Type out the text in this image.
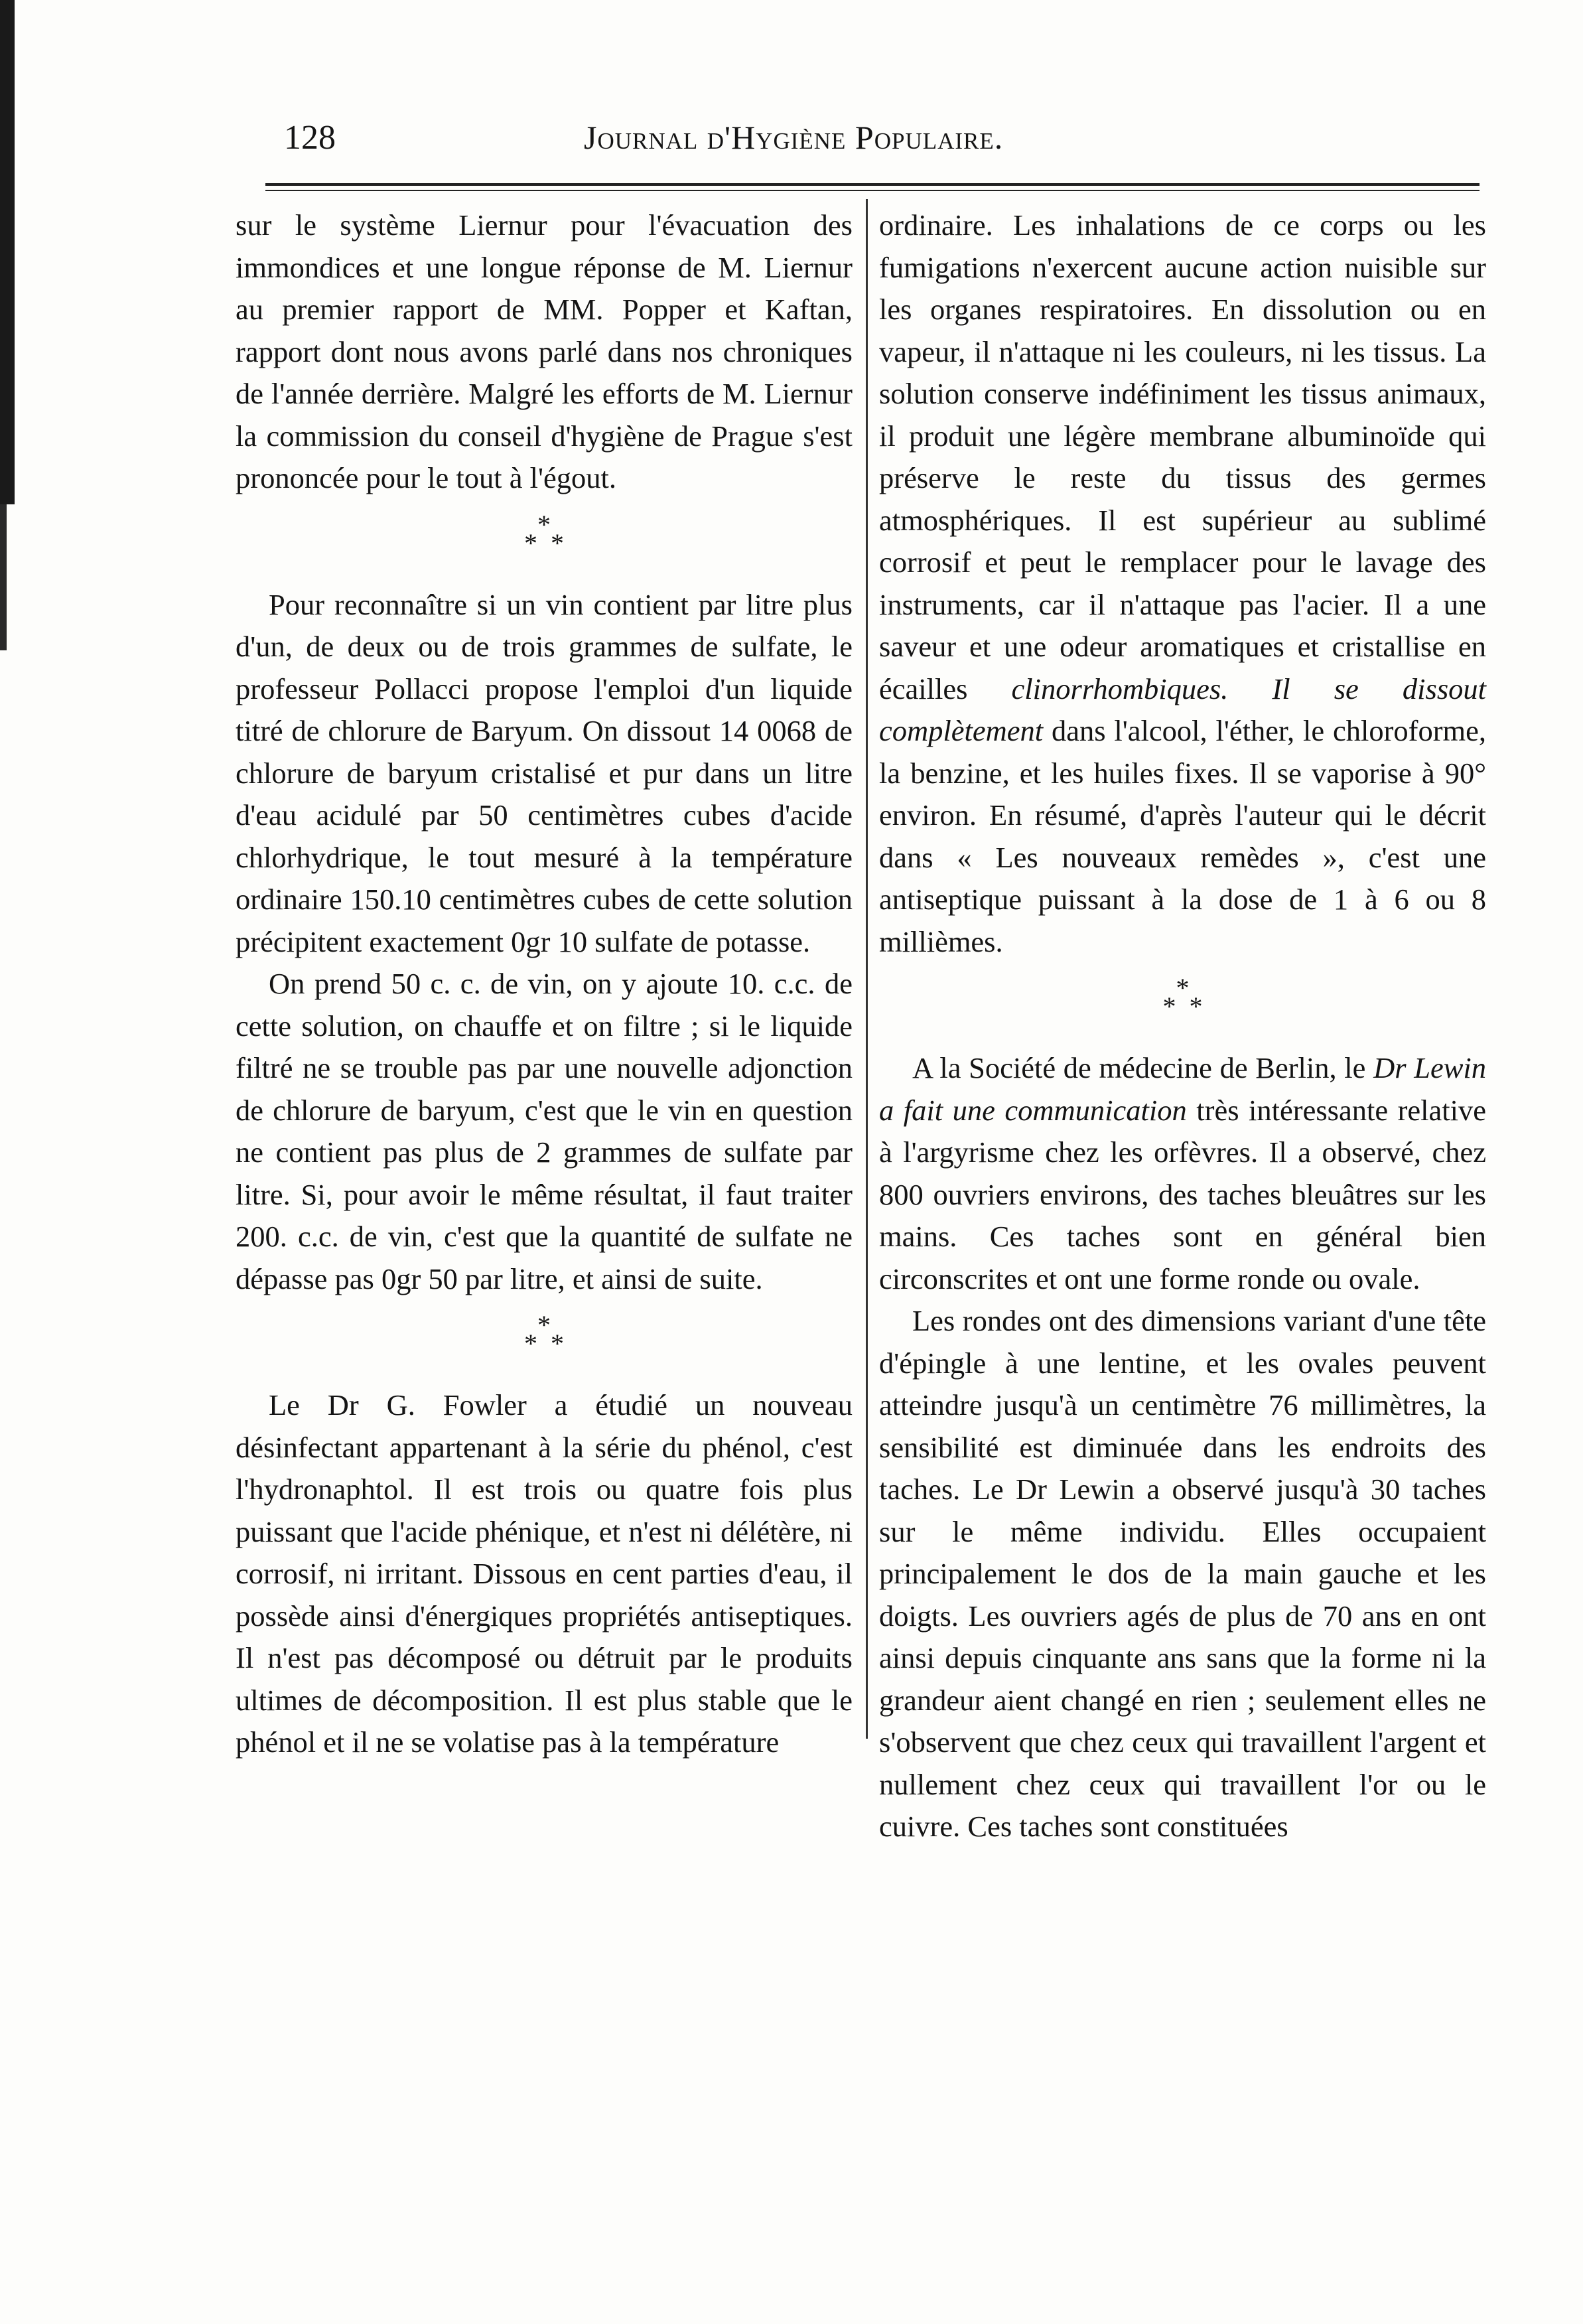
128	Journal d'Hygiène Populaire.

sur le système Liernur pour l'évacuation des immondices et une longue réponse de M. Liernur au premier rapport de MM. Popper et Kaftan, rapport dont nous avons parlé dans nos chroniques de l'année derrière. Malgré les efforts de M. Liernur la commission du conseil d'hygiène de Prague s'est prononcée pour le tout à l'égout.

*
* *

Pour reconnaître si un vin contient par litre plus d'un, de deux ou de trois grammes de sulfate, le professeur Pollacci propose l'emploi d'un liquide titré de chlorure de Baryum. On dissout 14 0068 de chlorure de baryum cristalisé et pur dans un litre d'eau acidulé par 50 centimètres cubes d'acide chlorhydrique, le tout mesuré à la température ordinaire 150.10 centimètres cubes de cette solution précipitent exactement 0gr 10 sulfate de potasse.

On prend 50 c. c. de vin, on y ajoute 10. c.c. de cette solution, on chauffe et on filtre ; si le liquide filtré ne se trouble pas par une nouvelle adjonction de chlorure de baryum, c'est que le vin en question ne contient pas plus de 2 grammes de sulfate par litre. Si, pour avoir le même résultat, il faut traiter 200. c.c. de vin, c'est que la quantité de sulfate ne dépasse pas 0gr 50 par litre, et ainsi de suite.

*
* *

Le Dr G. Fowler a étudié un nouveau désinfectant appartenant à la série du phénol, c'est l'hydronaphtol. Il est trois ou quatre fois plus puissant que l'acide phénique, et n'est ni délétère, ni corrosif, ni irritant. Dissous en cent parties d'eau, il possède ainsi d'énergiques propriétés antiseptiques. Il n'est pas décomposé ou détruit par le produits ultimes de décomposition. Il est plus stable que le phénol et il ne se volatise pas à la température

ordinaire. Les inhalations de ce corps ou les fumigations n'exercent aucune action nuisible sur les organes respiratoires. En dissolution ou en vapeur, il n'attaque ni les couleurs, ni les tissus. La solution conserve indéfiniment les tissus animaux, il produit une légère membrane albuminoïde qui préserve le reste du tissus des germes atmosphériques. Il est supérieur au sublimé corrosif et peut le remplacer pour le lavage des instruments, car il n'attaque pas l'acier. Il a une saveur et une odeur aromatiques et cristallise en écailles clinorrhombiques. Il se dissout complètement dans l'alcool, l'éther, le chloroforme, la benzine, et les huiles fixes. Il se vaporise à 90° environ. En résumé, d'après l'auteur qui le décrit dans « Les nouveaux remèdes », c'est une antiseptique puissant à la dose de 1 à 6 ou 8 millièmes.

*
* *

A la Société de médecine de Berlin, le Dr Lewin a fait une communication très intéressante relative à l'argyrisme chez les orfèvres. Il a observé, chez 800 ouvriers environs, des taches bleuâtres sur les mains. Ces taches sont en général bien circonscrites et ont une forme ronde ou ovale.

Les rondes ont des dimensions variant d'une tête d'épingle à une lentine, et les ovales peuvent atteindre jusqu'à un centimètre 76 millimètres, la sensibilité est diminuée dans les endroits des taches. Le Dr Lewin a observé jusqu'à 30 taches sur le même individu. Elles occupaient principalement le dos de la main gauche et les doigts. Les ouvriers agés de plus de 70 ans en ont ainsi depuis cinquante ans sans que la forme ni la grandeur aient changé en rien ; seulement elles ne s'observent que chez ceux qui travaillent l'argent et nullement chez ceux qui travaillent l'or ou le cuivre. Ces taches sont constituées
